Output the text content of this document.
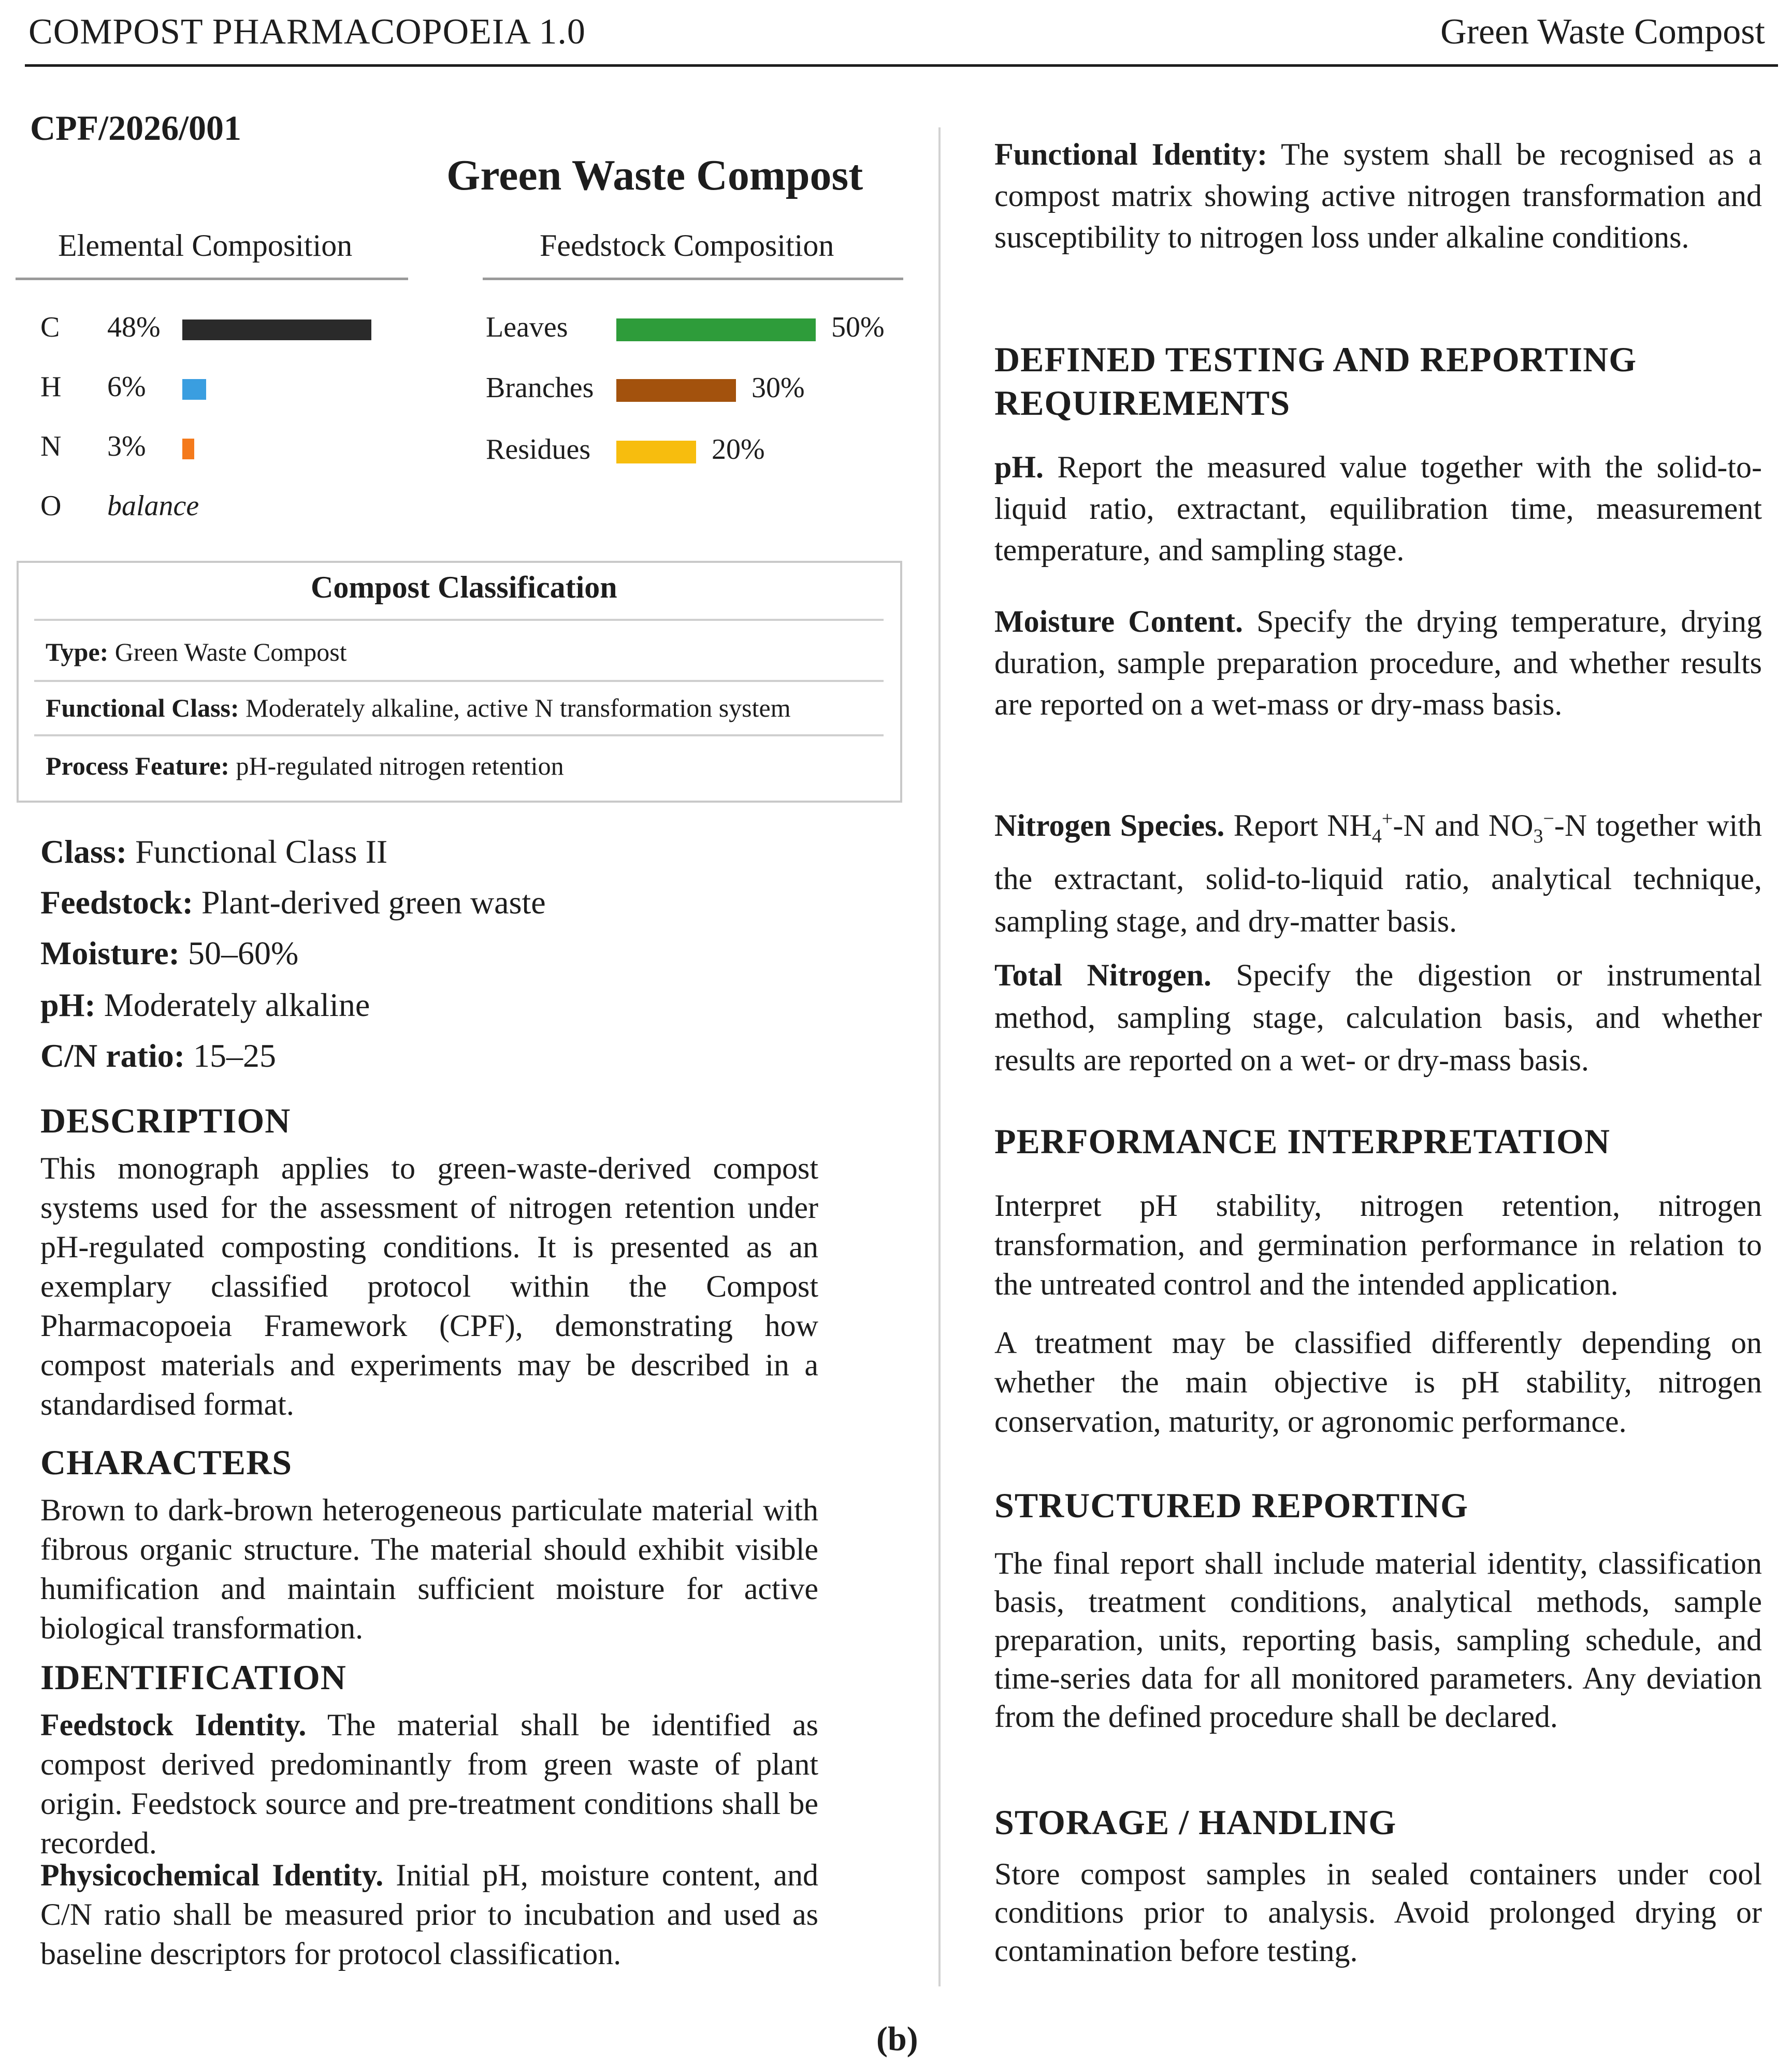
COMPOST PHARMACOPOEIA 1.0	Green Waste Compost
CPF/2026/001
Green Waste Compost
Elemental Composition
C 48%
H 6%
N 3%
O balance
Feedstock Composition
Leaves	50%
Branches	30%
Residues	20%
Compost Classification
Type: Green Waste Compost
Functional Class: Moderately alkaline, active N transformation system
Process Feature: pH-regulated nitrogen retention
Class: Functional Class II
Feedstock: Plant-derived green waste
Moisture: 50–60%
pH: Moderately alkaline
C/N ratio: 15–25
DESCRIPTION
This monograph applies to green-waste-derived compost systems used for the assessment of nitrogen retention under pH-regulated composting conditions. It is presented as an exemplary classified protocol within the Compost Pharmacopoeia Framework (CPF), demonstrating how compost materials and experiments may be described in a standardised format.
CHARACTERS
Brown to dark-brown heterogeneous particulate material with fibrous organic structure. The material should exhibit visible humification and maintain sufficient moisture for active biological transformation.
IDENTIFICATION
Feedstock Identity. The material shall be identified as compost derived predominantly from green waste of plant origin. Feedstock source and pre-treatment conditions shall be recorded.
Physicochemical Identity. Initial pH, moisture content, and C/N ratio shall be measured prior to incubation and used as baseline descriptors for protocol classification.
Functional Identity: The system shall be recognised as a compost matrix showing active nitrogen transformation and susceptibility to nitrogen loss under alkaline conditions.
DEFINED TESTING AND REPORTING
REQUIREMENTS
pH. Report the measured value together with the solid-to-liquid ratio, extractant, equilibration time, measurement temperature, and sampling stage.
Moisture Content. Specify the drying temperature, drying duration, sample preparation procedure, and whether results are reported on a wet-mass or dry-mass basis.
Nitrogen Species. Report $NH_4^+-N$ and $NO_3^--N$ together with the extractant, solid-to-liquid ratio, analytical technique, sampling stage, and dry-matter basis.
Total Nitrogen. Specify the digestion or instrumental method, sampling stage, calculation basis, and whether results are reported on a wet- or dry-mass basis.
PERFORMANCE INTERPRETATION
Interpret pH stability, nitrogen retention, nitrogen transformation, and germination performance in relation to the untreated control and the intended application.
A treatment may be classified differently depending on whether the main objective is pH stability, nitrogen conservation, maturity, or agronomic performance.
STRUCTURED REPORTING
The final report shall include material identity, classification basis, treatment conditions, analytical methods, sample preparation, units, reporting basis, sampling schedule, and time-series data for all monitored parameters. Any deviation from the defined procedure shall be declared.
STORAGE / HANDLING
Store compost samples in sealed containers under cool conditions prior to analysis. Avoid prolonged drying or contamination before testing.
(b)
